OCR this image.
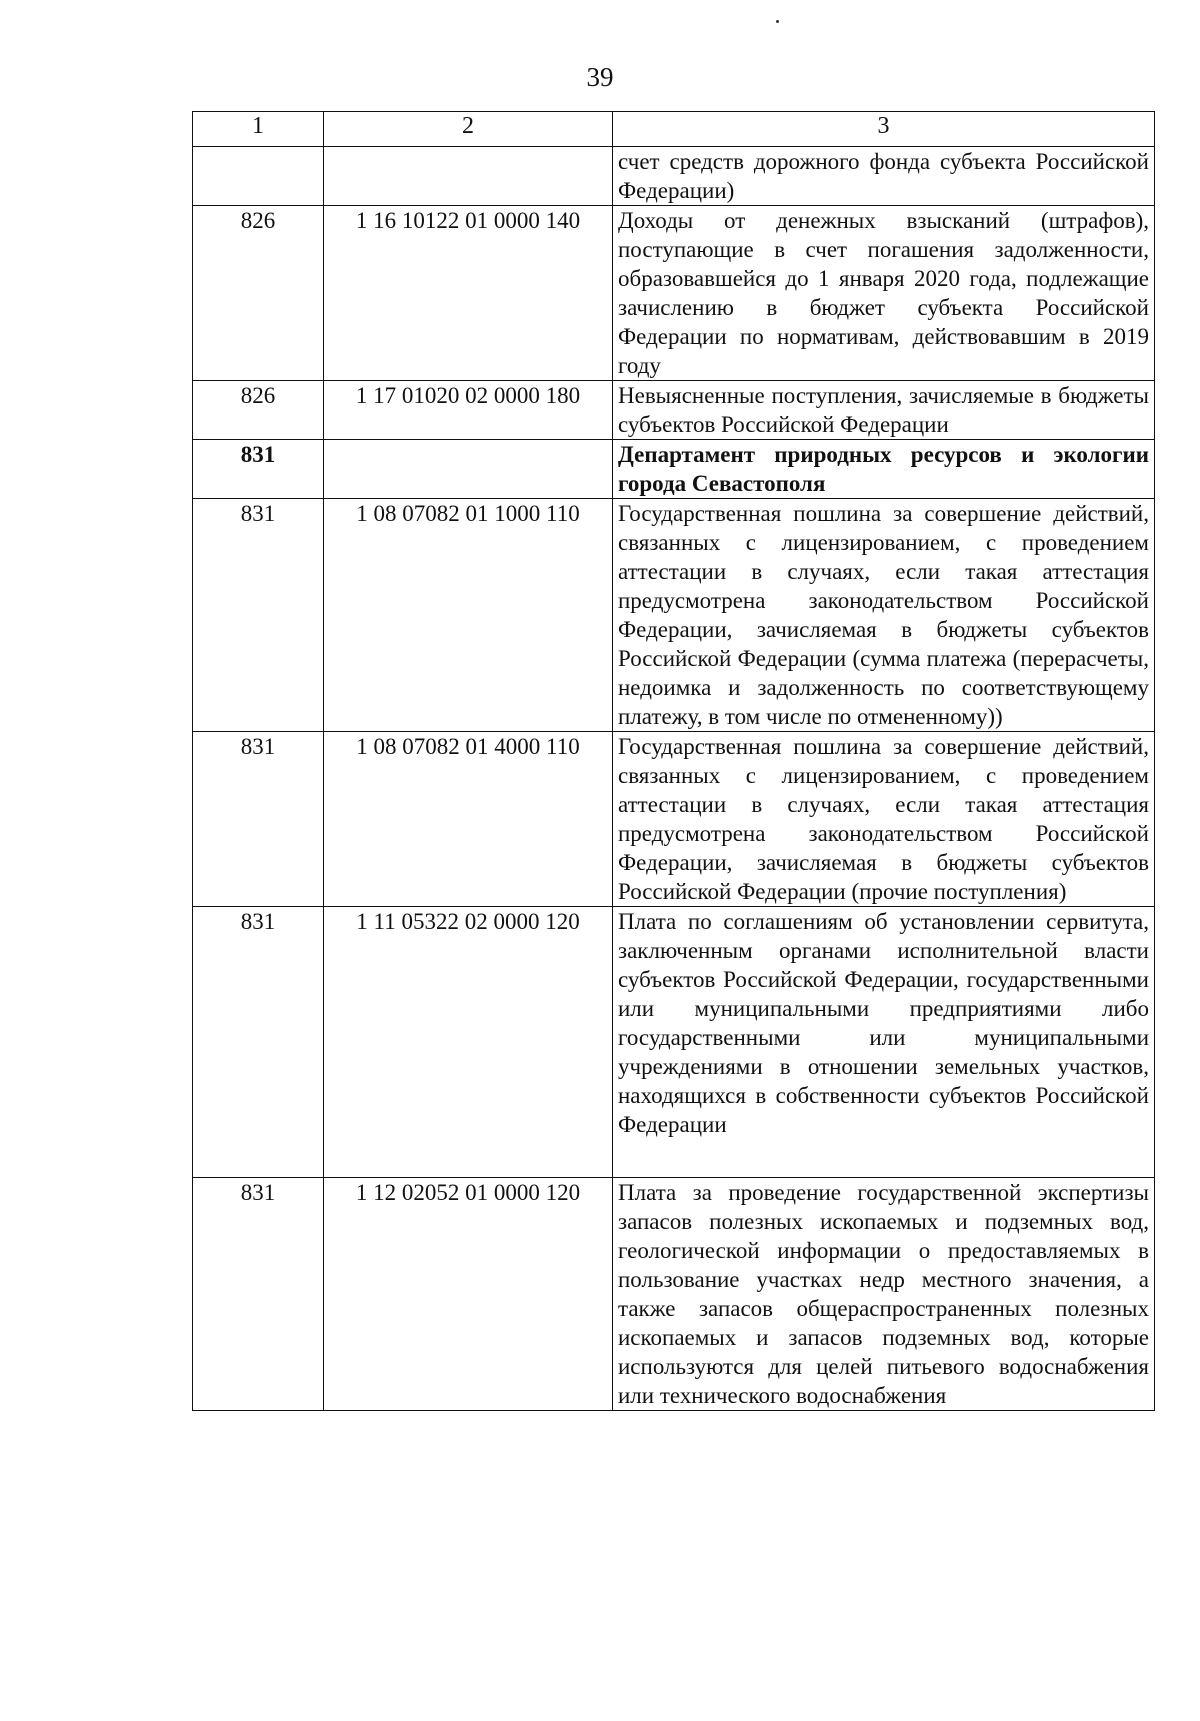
39
1	2	3
		счет средств дорожного фонда субъекта Российской Федерации)
826	1 16 10122 01 0000 140	Доходы от денежных взысканий (штрафов), поступающие в счет погашения задолженности, образовавшейся до 1 января 2020 года, подлежащие зачислению в бюджет субъекта Российской Федерации по нормативам, действовавшим в 2019 году
826	1 17 01020 02 0000 180	Невыясненные поступления, зачисляемые в бюджеты субъектов Российской Федерации
831		Департамент природных ресурсов и экологии города Севастополя
831	1 08 07082 01 1000 110	Государственная пошлина за совершение действий, связанных с лицензированием, с проведением аттестации в случаях, если такая аттестация предусмотрена законодательством Российской Федерации, зачисляемая в бюджеты субъектов Российской Федерации (сумма платежа (перерасчеты, недоимка и задолженность по соответствующему платежу, в том числе по отмененному))
831	1 08 07082 01 4000 110	Государственная пошлина за совершение действий, связанных с лицензированием, с проведением аттестации в случаях, если такая аттестация предусмотрена законодательством Российской Федерации, зачисляемая в бюджеты субъектов Российской Федерации (прочие поступления)
831	1 11 05322 02 0000 120	Плата по соглашениям об установлении сервитута, заключенным органами исполнительной власти субъектов Российской Федерации, государственными или муниципальными предприятиями либо государственными или муниципальными учреждениями в отношении земельных участков, находящихся в собственности субъектов Российской Федерации
831	1 12 02052 01 0000 120	Плата за проведение государственной экспертизы запасов полезных ископаемых и подземных вод, геологической информации о предоставляемых в пользование участках недр местного значения, а также запасов общераспространенных полезных ископаемых и запасов подземных вод, которые используются для целей питьевого водоснабжения или технического водоснабжения
